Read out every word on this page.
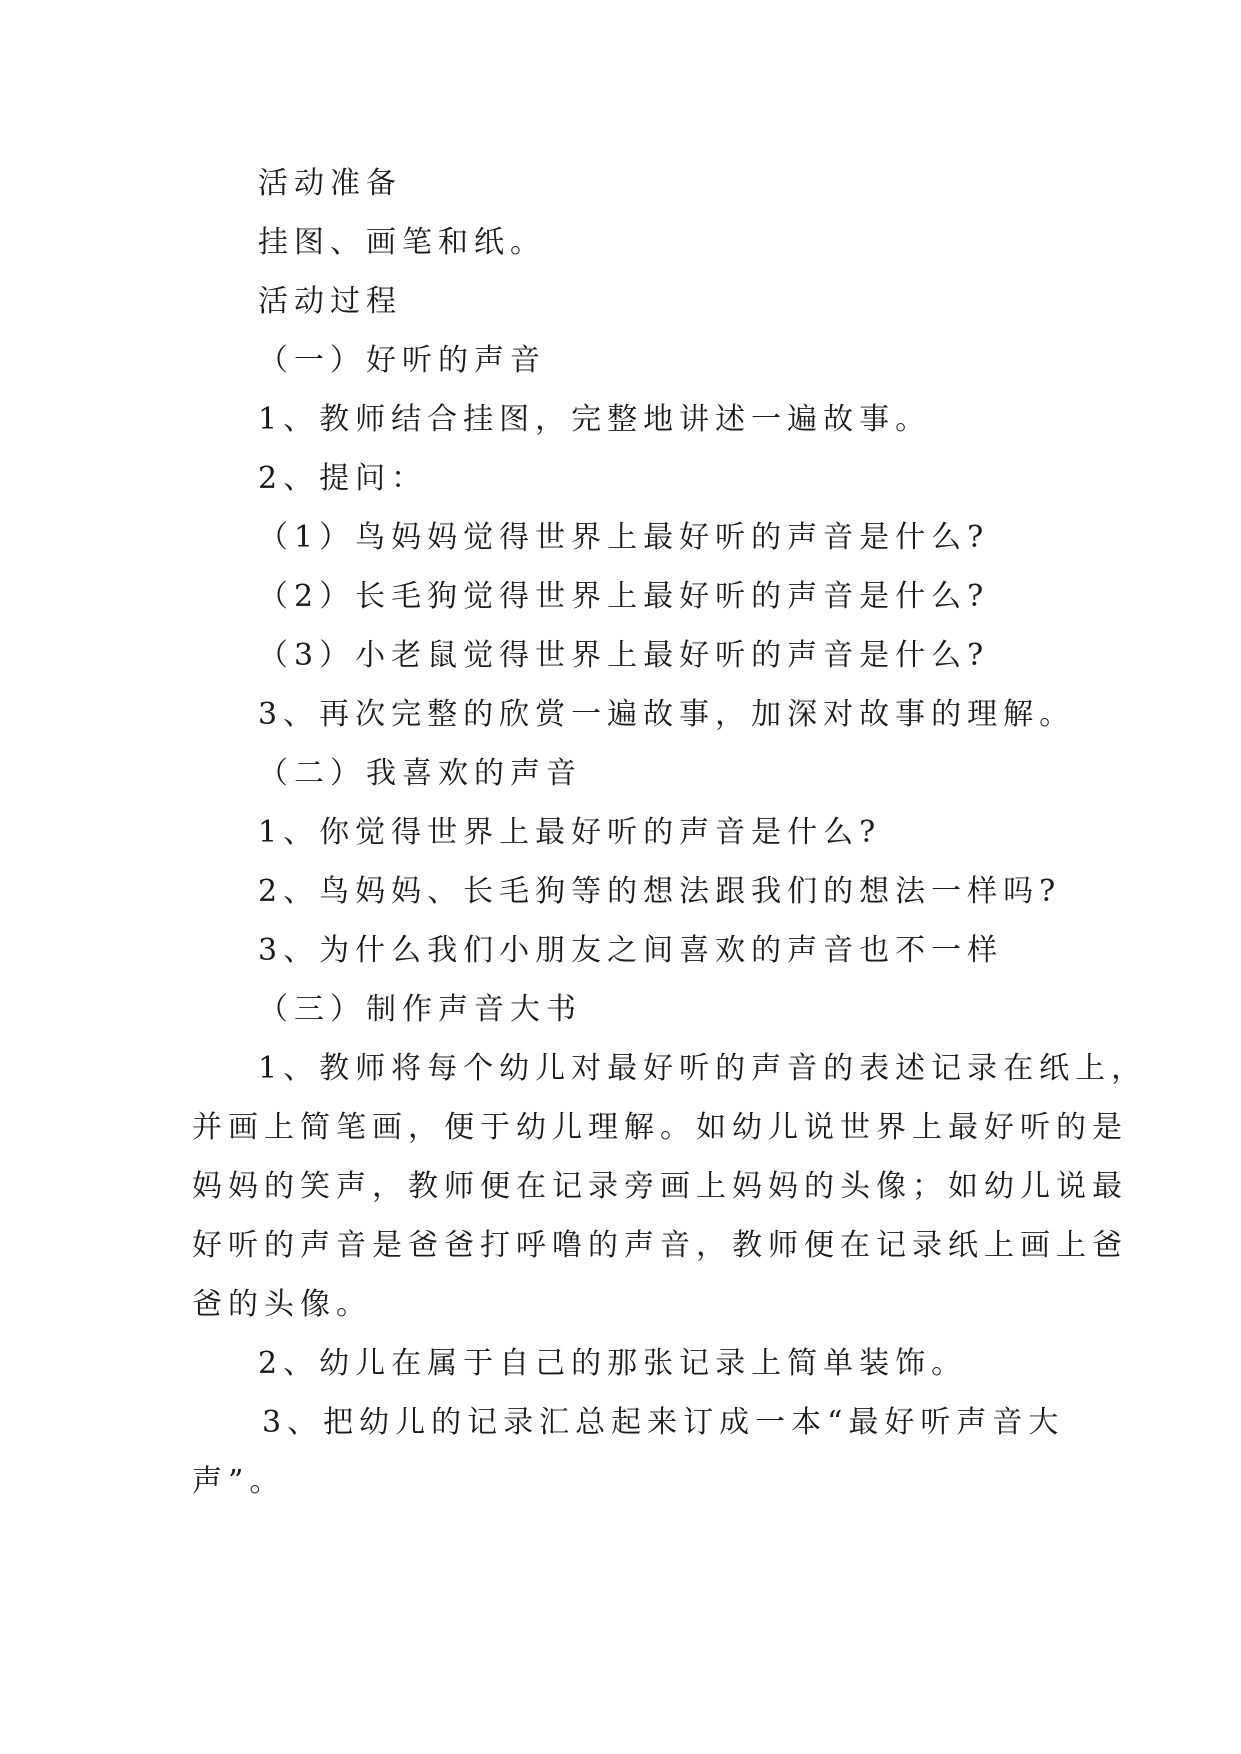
活动准备
挂图、画笔和纸。
活动过程
（一）好听的声音
1、教师结合挂图，完整地讲述一遍故事。
2、提问：
（1）鸟妈妈觉得世界上最好听的声音是什么?
（2）长毛狗觉得世界上最好听的声音是什么?
（3）小老鼠觉得世界上最好听的声音是什么?
3、再次完整的欣赏一遍故事，加深对故事的理解。
（二）我喜欢的声音
1、你觉得世界上最好听的声音是什么?
2、鸟妈妈、长毛狗等的想法跟我们的想法一样吗?
3、为什么我们小朋友之间喜欢的声音也不一样
（三）制作声音大书
1、教师将每个幼儿对最好听的声音的表述记录在纸上，
并画上简笔画，便于幼儿理解。如幼儿说世界上最好听的是
妈妈的笑声，教师便在记录旁画上妈妈的头像；如幼儿说最
好听的声音是爸爸打呼噜的声音，教师便在记录纸上画上爸
爸的头像。
2、幼儿在属于自己的那张记录上简单装饰。
3、把幼儿的记录汇总起来订成一本“最好听声音大
声”。
